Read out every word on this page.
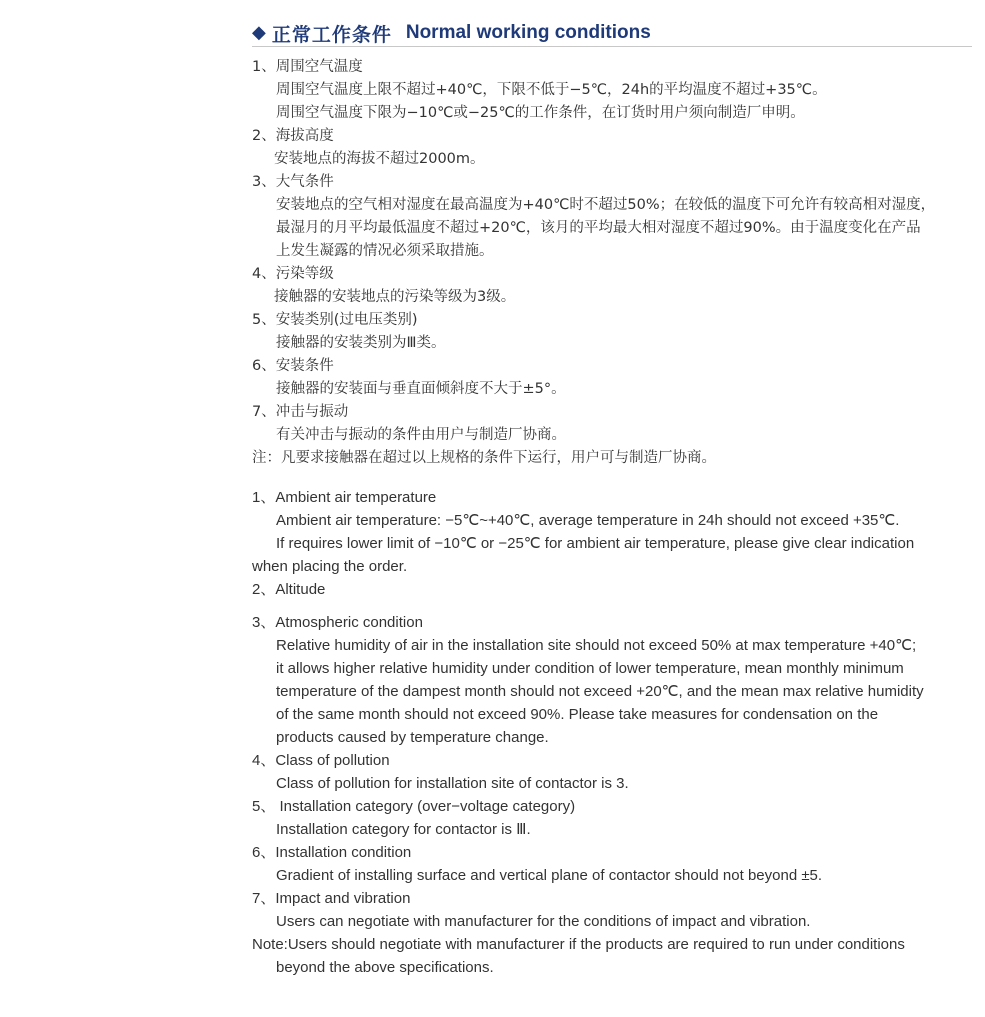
◆ 正常工作条件 Normal working conditions
1、周围空气温度
周围空气温度上限不超过+40℃，下限不低于−5℃，24h的平均温度不超过+35℃。
周围空气温度下限为−10℃或−25℃的工作条件，在订货时用户须向制造厂申明。
2、海拔高度
安装地点的海拔不超过2000m。
3、大气条件
安装地点的空气相对湿度在最高温度为+40℃时不超过50%；在较低的温度下可允许有较高相对湿度，
最湿月的月平均最低温度不超过+20℃，该月的平均最大相对湿度不超过90%。由于温度变化在产品
上发生凝露的情况必须采取措施。
4、污染等级
接触器的安装地点的污染等级为3级。
5、安装类别(过电压类别)
接触器的安装类别为Ⅲ类。
6、安装条件
接触器的安装面与垂直面倾斜度不大于±5°。
7、冲击与振动
有关冲击与振动的条件由用户与制造厂协商。
注：凡要求接触器在超过以上规格的条件下运行，用户可与制造厂协商。
1、Ambient air temperature
Ambient air temperature: −5℃~+40℃, average temperature in 24h should not exceed +35℃.
If requires lower limit of −10℃ or −25℃ for ambient air temperature, please give clear indication
when placing the order.
2、Altitude
3、Atmospheric condition
Relative humidity of air in the installation site should not exceed 50% at max temperature +40℃;
it allows higher relative humidity under condition of lower temperature, mean monthly minimum
temperature of the dampest month should not exceed +20℃, and the mean max relative humidity
of the same month should not exceed 90%. Please take measures for condensation on the
products caused by temperature change.
4、Class of pollution
Class of pollution for installation site of contactor is 3.
5、 Installation category (over−voltage category)
Installation category for contactor is Ⅲ.
6、Installation condition
Gradient of installing surface and vertical plane of contactor should not beyond ±5.
7、Impact and vibration
Users can negotiate with manufacturer for the conditions of impact and vibration.
Note:Users should negotiate with manufacturer if the products are required to run under conditions
beyond the above specifications.
